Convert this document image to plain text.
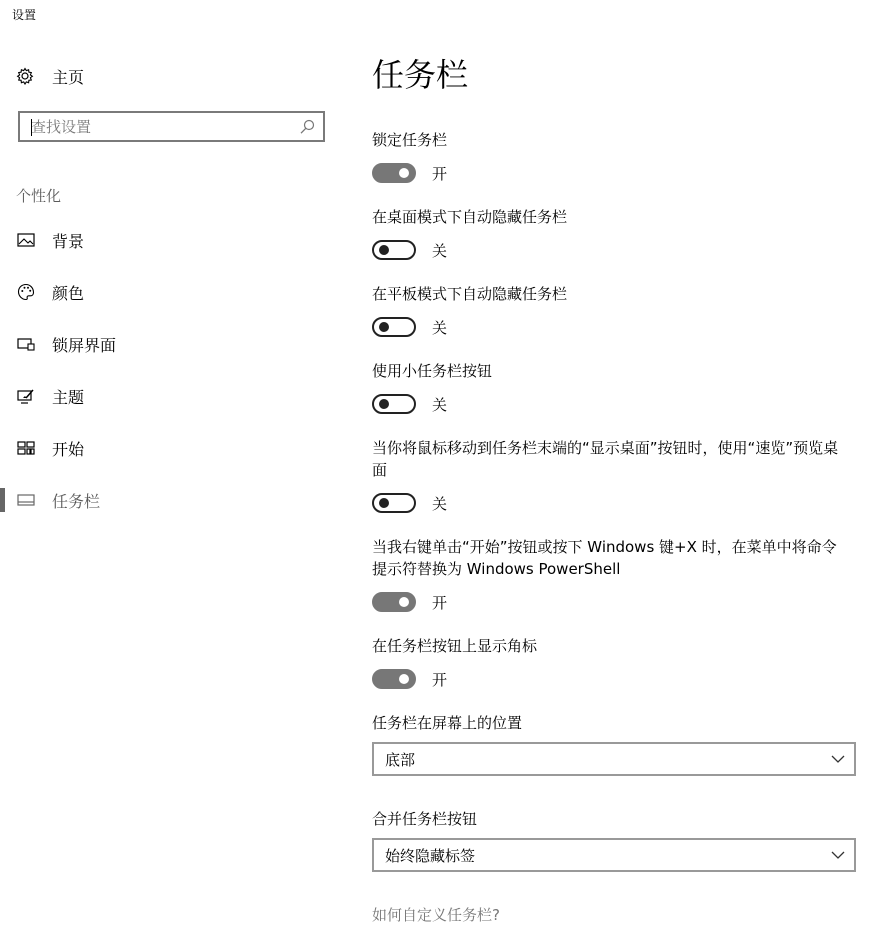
设置
主页
查找设置
个性化
背景
颜色
锁屏界面
主题
开始
任务栏
任务栏
锁定任务栏
开
在桌面模式下自动隐藏任务栏
关
在平板模式下自动隐藏任务栏
关
使用小任务栏按钮
关
当你将鼠标移动到任务栏末端的“显示桌面”按钮时，使用“速览”预览桌面
关
当我右键单击“开始”按钮或按下 Windows 键+X 时，在菜单中将命令提示符替换为 Windows PowerShell
开
在任务栏按钮上显示角标
开
任务栏在屏幕上的位置
底部
合并任务栏按钮
始终隐藏标签
如何自定义任务栏?
